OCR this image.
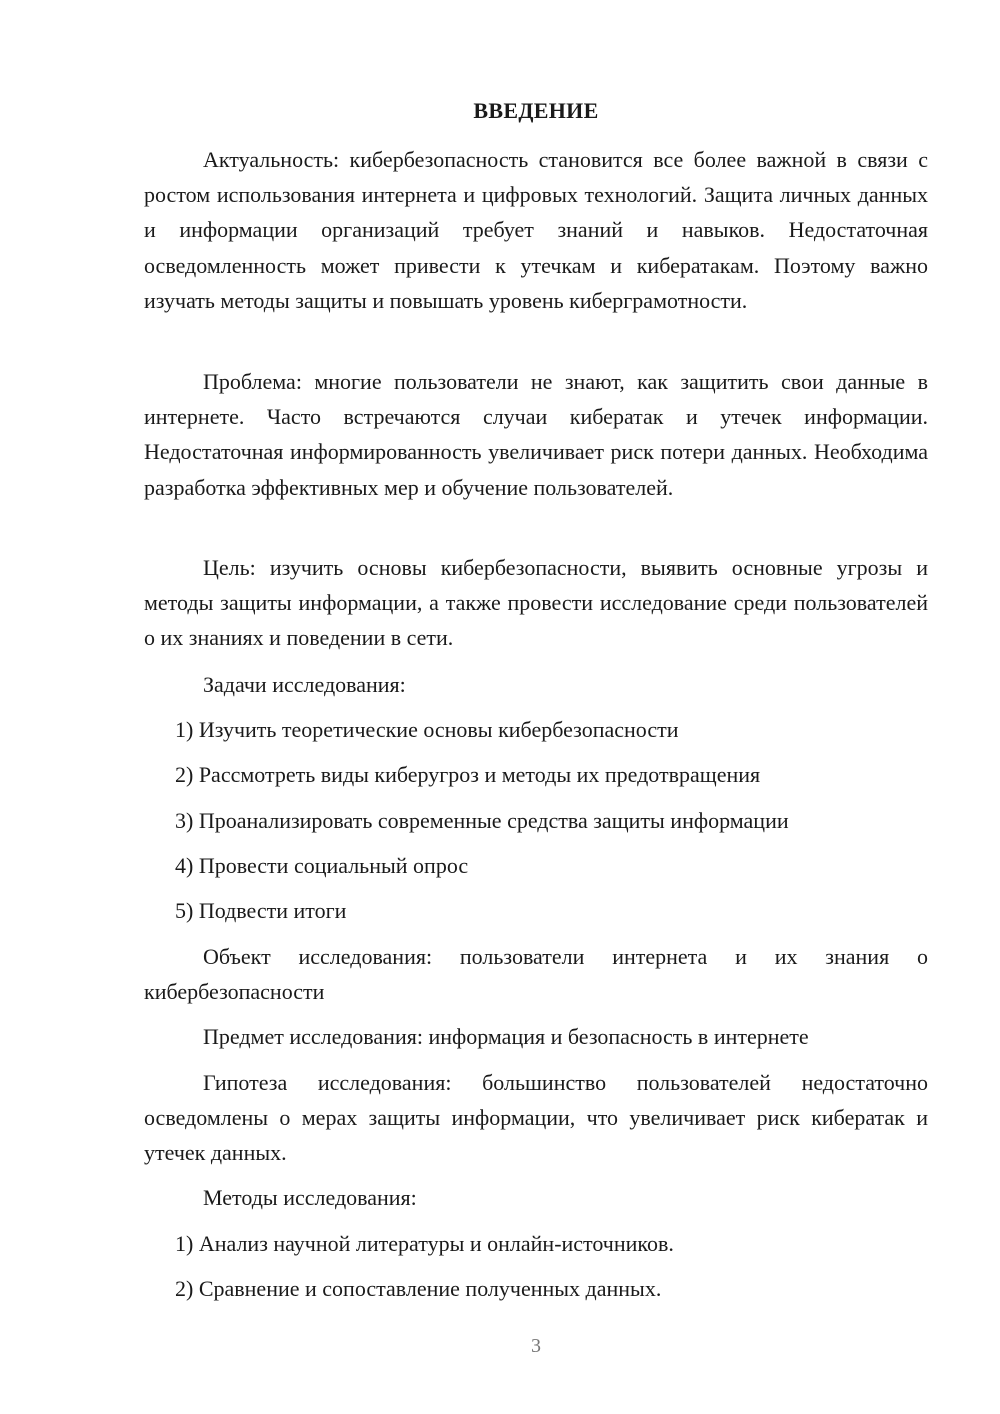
ВВЕДЕНИЕ

Актуальность: кибербезопасность становится все более важной в связи с ростом использования интернета и цифровых технологий. Защита личных данных и информации организаций требует знаний и навыков. Недостаточная осведомленность может привести к утечкам и кибератакам. Поэтому важно изучать методы защиты и повышать уровень киберграмотности.

Проблема: многие пользователи не знают, как защитить свои данные в интернете. Часто встречаются случаи кибератак и утечек информации. Недостаточная информированность увеличивает риск потери данных. Необходима разработка эффективных мер и обучение пользователей.

Цель: изучить основы кибербезопасности, выявить основные угрозы и методы защиты информации, а также провести исследование среди пользователей о их знаниях и поведении в сети.

Задачи исследования:

1) Изучить теоретические основы кибербезопасности

2) Рассмотреть виды киберугроз и методы их предотвращения

3) Проанализировать современные средства защиты информации

4) Провести социальный опрос

5) Подвести итоги

Объект исследования: пользователи интернета и их знания о кибербезопасности

Предмет исследования: информация и безопасность в интернете

Гипотеза исследования: большинство пользователей недостаточно осведомлены о мерах защиты информации, что увеличивает риск кибератак и утечек данных.

Методы исследования:

1) Анализ научной литературы и онлайн-источников.

2) Сравнение и сопоставление полученных данных.

3
